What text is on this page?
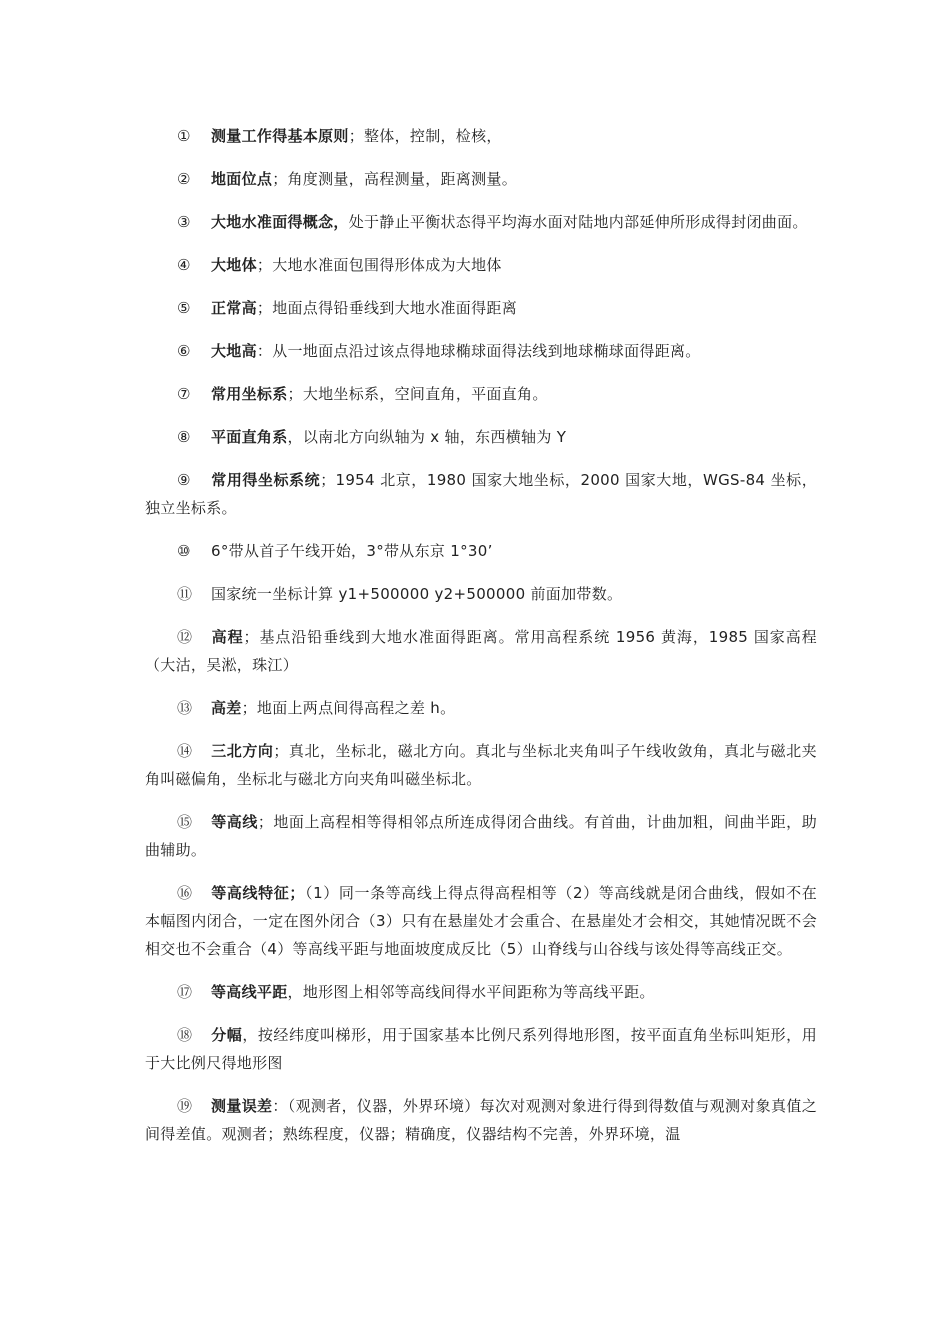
① 测量工作得基本原则；整体，控制，检核，

② 地面位点；角度测量，高程测量，距离测量。

③ 大地水准面得概念，处于静止平衡状态得平均海水面对陆地内部延伸所形成得封闭曲面。

④ 大地体；大地水准面包围得形体成为大地体

⑤ 正常高；地面点得铅垂线到大地水准面得距离

⑥ 大地高：从一地面点沿过该点得地球椭球面得法线到地球椭球面得距离。

⑦ 常用坐标系；大地坐标系，空间直角，平面直角。

⑧ 平面直角系，以南北方向纵轴为 x 轴，东西横轴为 Y

⑨ 常用得坐标系统；1954 北京，1980 国家大地坐标，2000 国家大地，WGS-84 坐标，独立坐标系。

⑩ 6°带从首子午线开始，3°带从东京 1°30’

⑪ 国家统一坐标计算 y1+500000 y2+500000 前面加带数。

⑫ 高程；基点沿铅垂线到大地水准面得距离。常用高程系统 1956 黄海，1985 国家高程（大沽，吴淞，珠江）

⑬ 高差；地面上两点间得高程之差 h。

⑭ 三北方向；真北，坐标北，磁北方向。真北与坐标北夹角叫子午线收敛角，真北与磁北夹角叫磁偏角，坐标北与磁北方向夹角叫磁坐标北。

⑮ 等高线；地面上高程相等得相邻点所连成得闭合曲线。有首曲，计曲加粗，间曲半距，助曲辅助。

⑯ 等高线特征；（1）同一条等高线上得点得高程相等（2）等高线就是闭合曲线，假如不在本幅图内闭合，一定在图外闭合（3）只有在悬崖处才会重合、在悬崖处才会相交，其她情况既不会相交也不会重合（4）等高线平距与地面坡度成反比（5）山脊线与山谷线与该处得等高线正交。

⑰ 等高线平距，地形图上相邻等高线间得水平间距称为等高线平距。

⑱ 分幅，按经纬度叫梯形，用于国家基本比例尺系列得地形图，按平面直角坐标叫矩形，用于大比例尺得地形图

⑲ 测量误差：（观测者，仪器，外界环境）每次对观测对象进行得到得数值与观测对象真值之间得差值。观测者；熟练程度，仪器；精确度，仪器结构不完善，外界环境，温
